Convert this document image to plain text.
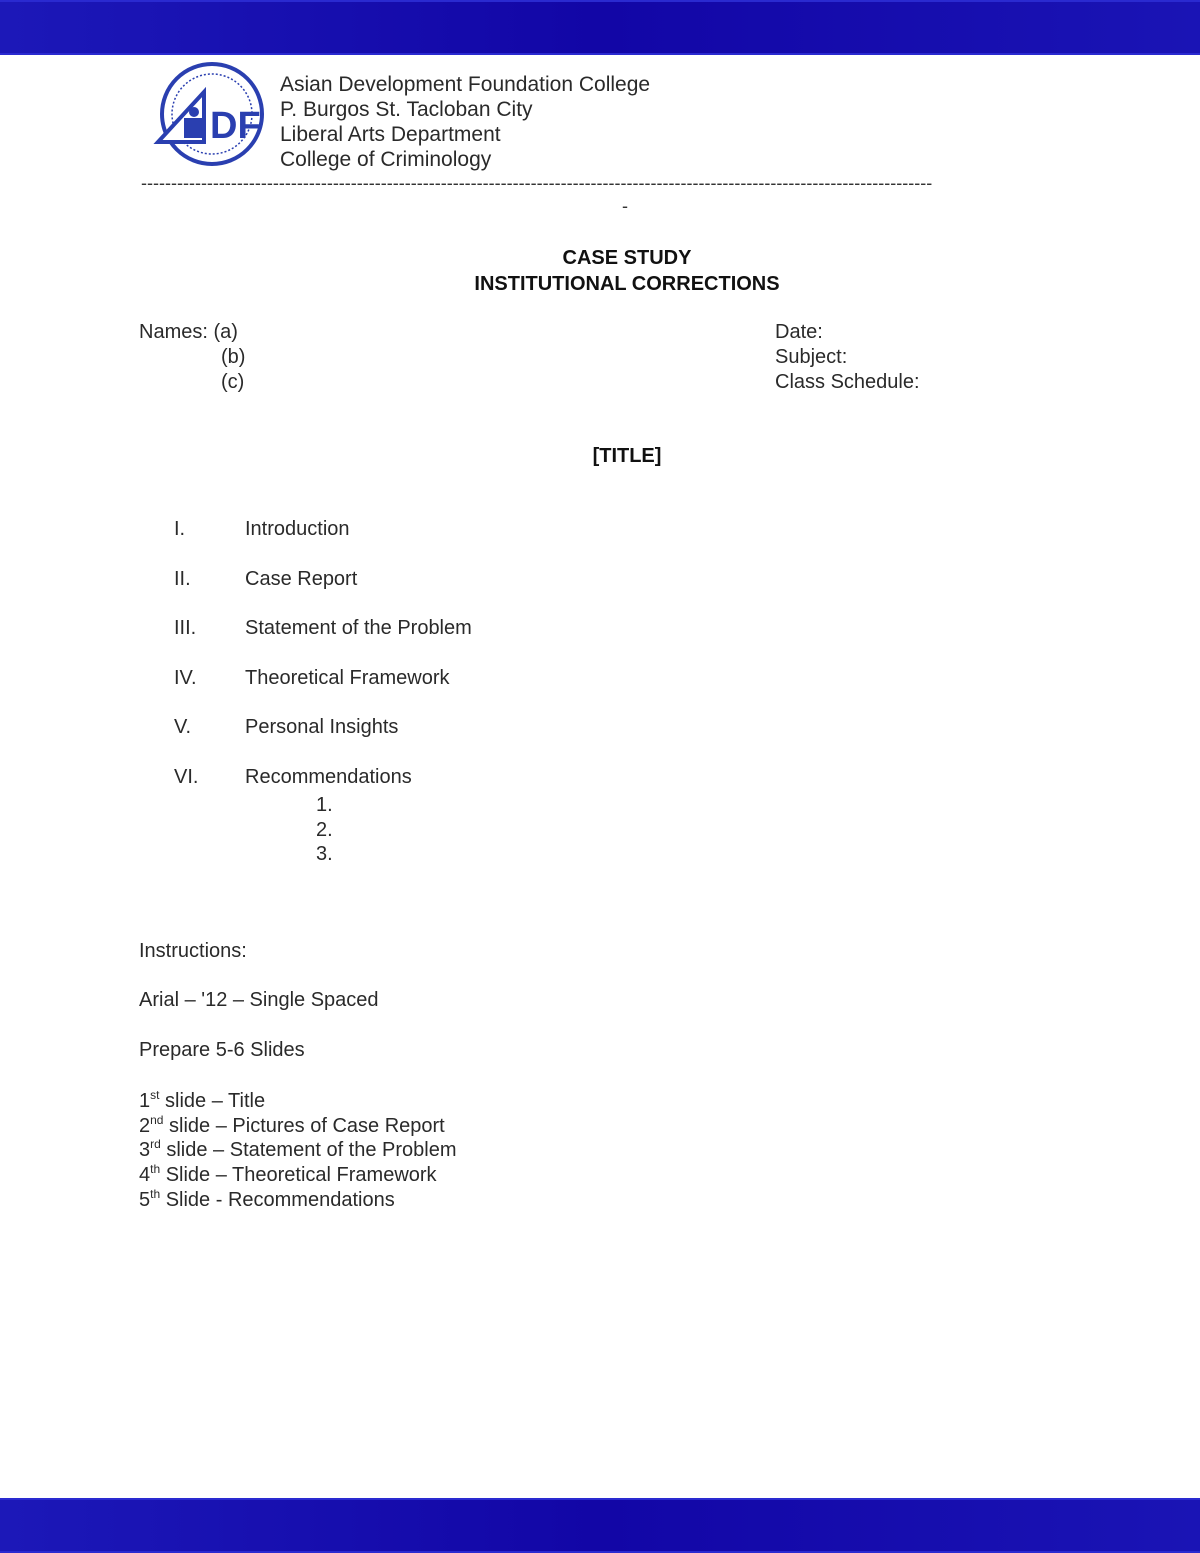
DF
Asian Development Foundation College
P. Burgos St. Tacloban City
Liberal Arts Department
College of Criminology
------------------------------------------------------------------------------------------------------------------------------------
-
CASE STUDY
INSTITUTIONAL CORRECTIONS
Names: (a)
(b)
(c)
Date:
Subject:
Class Schedule:
[TITLE]
I.	Introduction
II.	Case Report
III. Statement of the Problem
IV. Theoretical Framework
V.	Personal Insights
VI. Recommendations
1.
2.
3.
Instructions:
Arial – '12 – Single Spaced
Prepare 5-6 Slides
1st slide – Title
2nd slide – Pictures of Case Report
3rd slide – Statement of the Problem
4th Slide – Theoretical Framework
5th Slide - Recommendations
